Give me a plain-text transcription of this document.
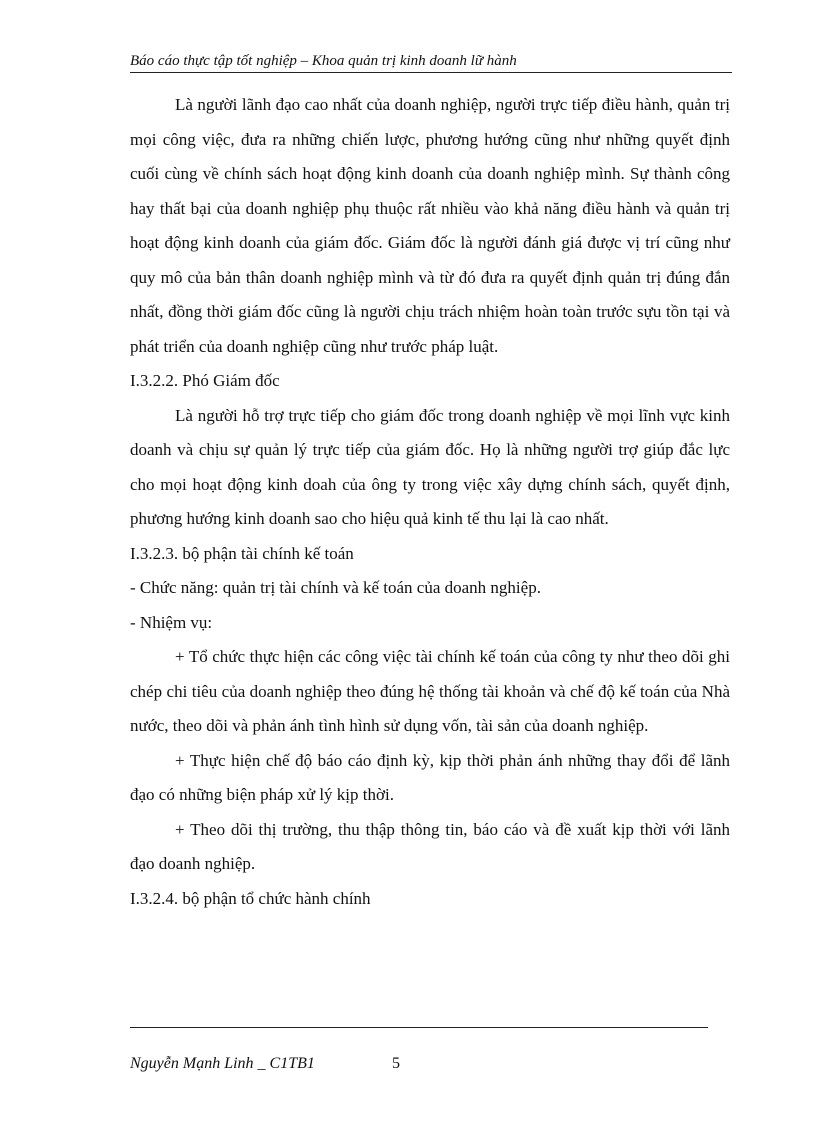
Báo cáo thực tập tốt nghiệp – Khoa quản trị kinh doanh lữ hành

Là người lãnh đạo cao nhất của doanh nghiệp, người trực tiếp điều hành, quản trị mọi công việc, đưa ra những chiến lược, phương hướng cũng như những quyết định cuối cùng về chính sách hoạt động kinh doanh của doanh nghiệp mình. Sự thành công hay thất bại của doanh nghiệp phụ thuộc rất nhiều vào khả năng điều hành và quản trị hoạt động kinh doanh của giám đốc. Giám đốc là người đánh giá được vị trí cũng như quy mô của bản thân doanh nghiệp mình và từ đó đưa ra quyết định quản trị đúng đắn nhất, đồng thời giám đốc cũng là người chịu trách nhiệm hoàn toàn trước sựu tồn tại và phát triển của doanh nghiệp cũng như trước pháp luật.

I.3.2.2. Phó Giám đốc

Là người hỗ trợ trực tiếp cho giám đốc trong doanh nghiệp về mọi lĩnh vực kinh doanh và chịu sự quản lý trực tiếp của giám đốc. Họ là những người trợ giúp đắc lực cho mọi hoạt động kinh doah của ông ty trong việc xây dựng chính sách, quyết định, phương hướng kinh doanh sao cho hiệu quả kinh tế thu lại là cao nhất.

I.3.2.3. bộ phận tài chính kế toán

- Chức năng: quản trị tài chính và kế toán của doanh nghiệp.

- Nhiệm vụ:

+ Tổ chức thực hiện các công việc tài chính kế toán của công ty như theo dõi ghi chép chi tiêu của doanh nghiệp theo đúng hệ thống tài khoản và chế độ kế toán của Nhà nước, theo dõi và phản ánh tình hình sử dụng vốn, tài sản của doanh nghiệp.

+ Thực hiện chế độ báo cáo định kỳ, kịp thời phản ánh những thay đổi để lãnh đạo có những biện pháp xử lý kịp thời.

+ Theo dõi thị trường, thu thập thông tin, báo cáo và đề xuất kịp thời với lãnh đạo doanh nghiệp.

I.3.2.4. bộ phận tổ chức hành chính

Nguyễn Mạnh Linh _ C1TB1	5
